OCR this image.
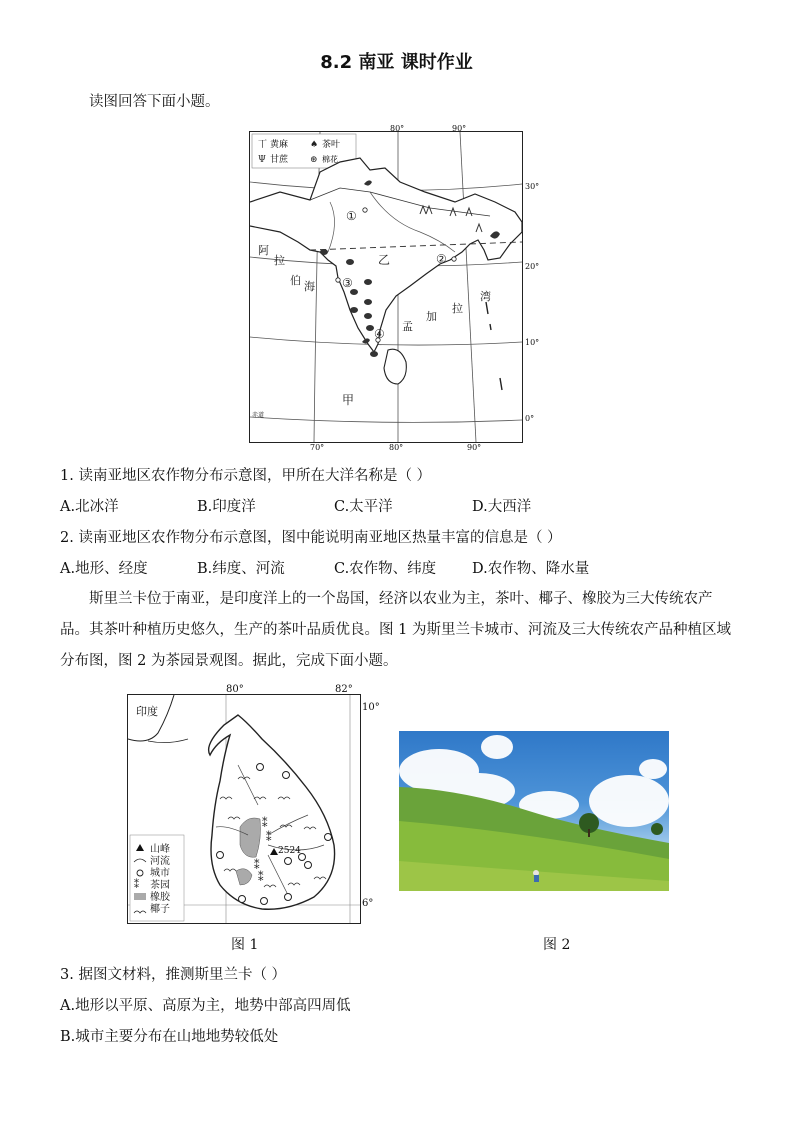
8.2 南亚 课时作业
读图回答下面小题。
丅
Ψ
♠
⊛
黄麻	茶叶
甘蔗	棉花
阿
拉
伯 海
孟
加
拉
湾
乙
甲
赤道
①
②
③
④
80°	90°
70°	80°	90°
30°
20°
10°
0°
1. 读南亚地区农作物分布示意图，甲所在大洋名称是（ ）
A.北冰洋	B.印度洋	C.太平洋	D.大西洋
2. 读南亚地区农作物分布示意图，图中能说明南亚地区热量丰富的信息是（ ）
A.地形、经度	B.纬度、河流	C.农作物、纬度 D.农作物、降水量
斯里兰卡位于南亚，是印度洋上的一个岛国，经济以农业为主，茶叶、椰子、橡胶为三大传统农产品。其茶叶种植历史悠久，生产的茶叶品质优良。图 1 为斯里兰卡城市、河流及三大传统农产品种植区域分布图，图 2 为茶园景观图。据此，完成下面小题。
80°	82°
10°
6°
2524
⁑
⁑
⁑
⁑
⁑
山峰
河流
城市
茶园
橡胶
椰子
印度
图 1	图 2
3. 据图文材料，推测斯里兰卡（ ）
A.地形以平原、高原为主，地势中部高四周低
B.城市主要分布在山地地势较低处
